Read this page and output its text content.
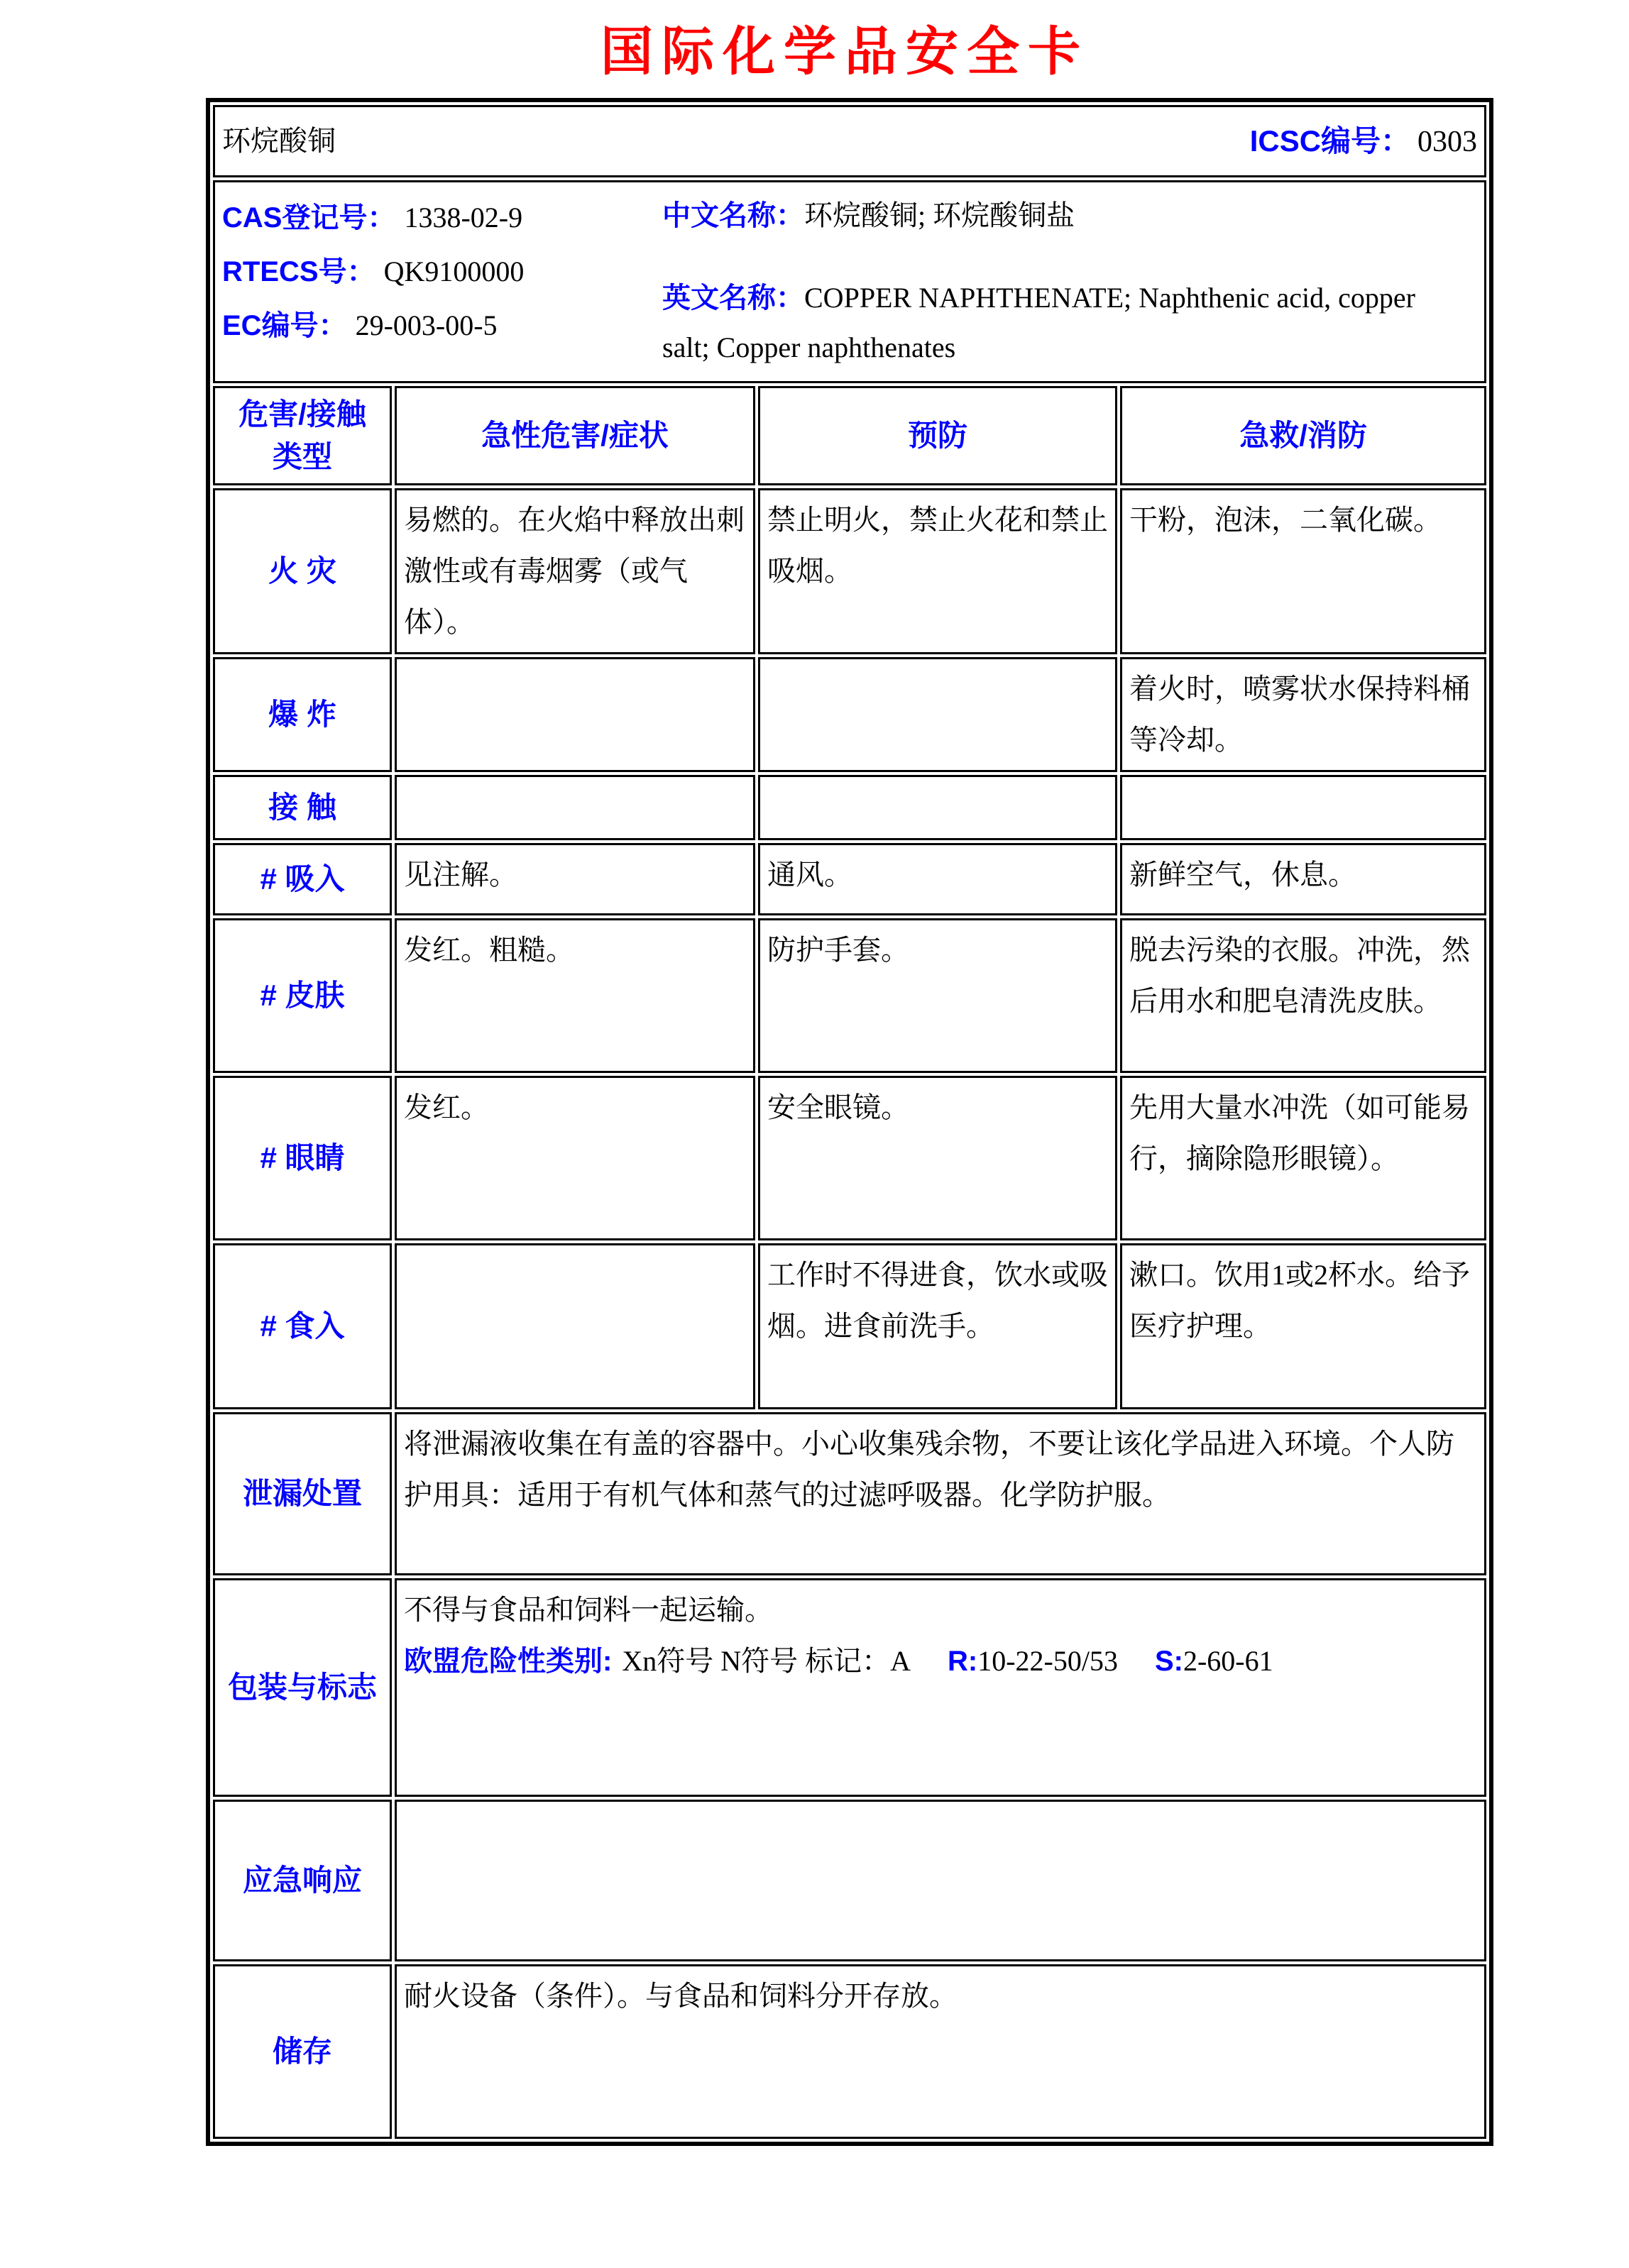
国际化学品安全卡
环烷酸铜 ICSC编号： 0303			

CAS登记号： 1338-02-9
RTECS号： QK9100000
EC编号： 29-003-00-5

中文名称：环烷酸铜; 环烷酸铜盐

英文名称：COPPER NAPHTHENATE; Naphthenic acid, copper salt; Copper naphthenates			

危害/接触
类型	急性危害/症状	预防	急救/消防
火 灾	易燃的。在火焰中释放出刺激性或有毒烟雾（或气体）。	禁止明火，禁止火花和禁止吸烟。	干粉，泡沫，二氧化碳。
爆 炸			着火时，喷雾状水保持料桶等冷却。
接 触			
# 吸入	见注解。	通风。	新鲜空气，休息。
# 皮肤	发红。粗糙。	防护手套。	脱去污染的衣服。冲洗，然后用水和肥皂清洗皮肤。
# 眼睛	发红。	安全眼镜。	先用大量水冲洗（如可能易行，摘除隐形眼镜）。
# 食入		工作时不得进食，饮水或吸烟。进食前洗手。	漱口。饮用1或2杯水。给予医疗护理。
泄漏处置	将泄漏液收集在有盖的容器中。小心收集残余物，不要让该化学品进入环境。个人防护用具：适用于有机气体和蒸气的过滤呼吸器。化学防护服。		
包装与标志	不得与食品和饲料一起运输。
欧盟危险性类别: Xn符号 N符号 标记：A R:10-22-50/53 S:2-60-61		

应急响应			
储存	耐火设备（条件）。与食品和饲料分开存放。		
